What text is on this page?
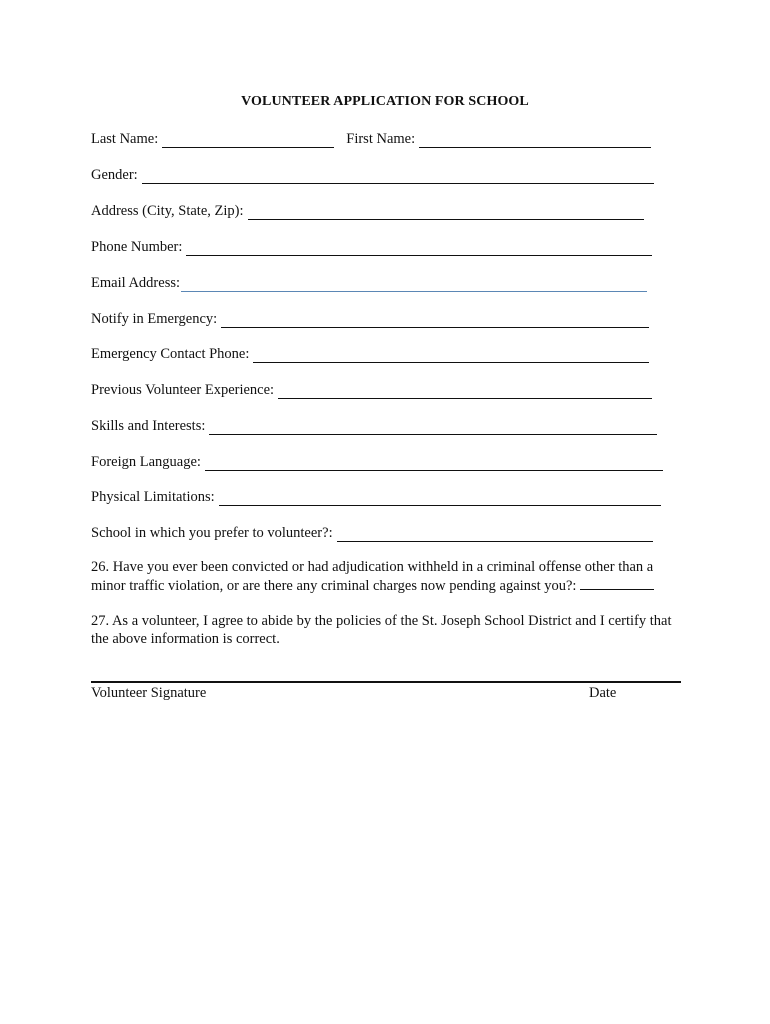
VOLUNTEER APPLICATION FOR SCHOOL
Last Name:	First Name:
Gender:
Address (City, State, Zip):
Phone Number:
Email Address:
Notify in Emergency:
Emergency Contact Phone:
Previous Volunteer Experience:
Skills and Interests:
Foreign Language:
Physical Limitations:
School in which you prefer to volunteer?:
26. Have you ever been convicted or had adjudication withheld in a criminal offense other than a minor traffic violation, or are there any criminal charges now pending against you?:
27. As a volunteer, I agree to abide by the policies of the St. Joseph School District and I certify that the above information is correct.
Volunteer Signature	Date
